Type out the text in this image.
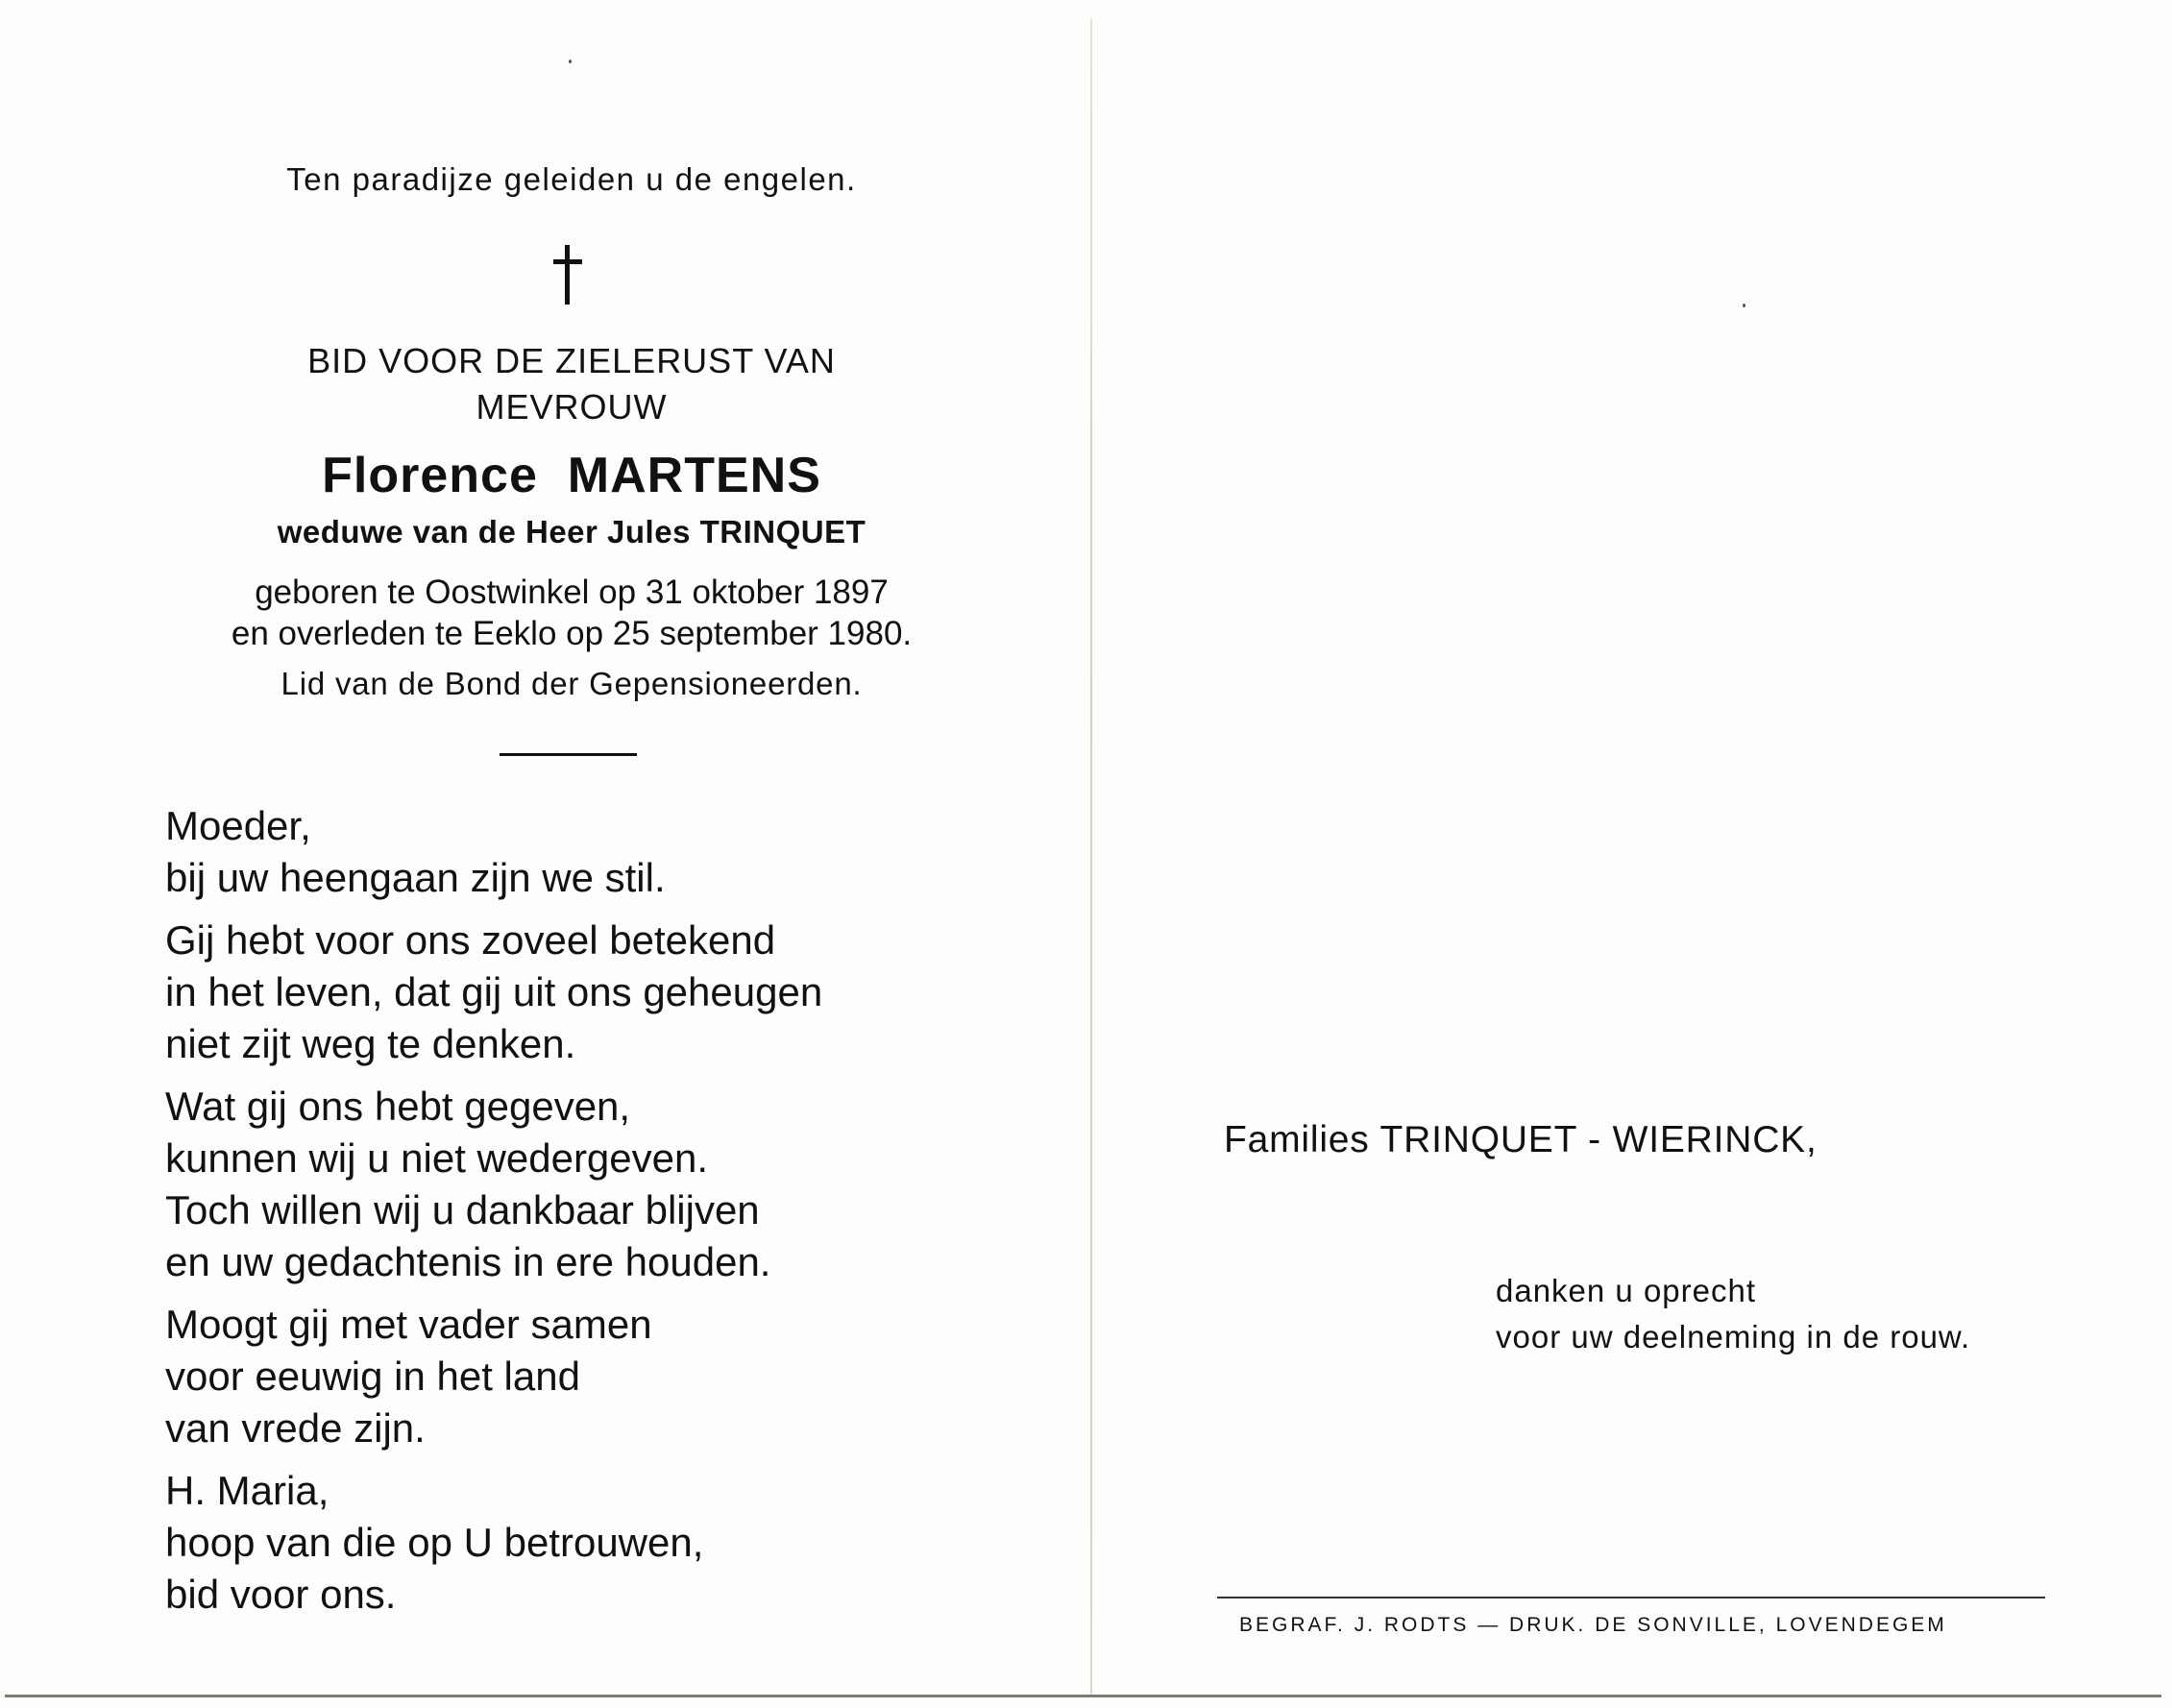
Ten paradijze geleiden u de engelen.
BID VOOR DE ZIELERUST VAN
MEVROUW
Florence MARTENS
weduwe van de Heer Jules TRINQUET
geboren te Oostwinkel op 31 oktober 1897
en overleden te Eeklo op 25 september 1980.
Lid van de Bond der Gepensioneerden.
Moeder,
bij uw heengaan zijn we stil.
Gij hebt voor ons zoveel betekend
in het leven, dat gij uit ons geheugen
niet zijt weg te denken.
Wat gij ons hebt gegeven,
kunnen wij u niet wedergeven.
Toch willen wij u dankbaar blijven
en uw gedachtenis in ere houden.
Moogt gij met vader samen
voor eeuwig in het land
van vrede zijn.
H. Maria,
hoop van die op U betrouwen,
bid voor ons.
Families TRINQUET - WIERINCK,
danken u oprecht
voor uw deelneming in de rouw.
BEGRAF. J. RODTS — DRUK. DE SONVILLE, LOVENDEGEM
